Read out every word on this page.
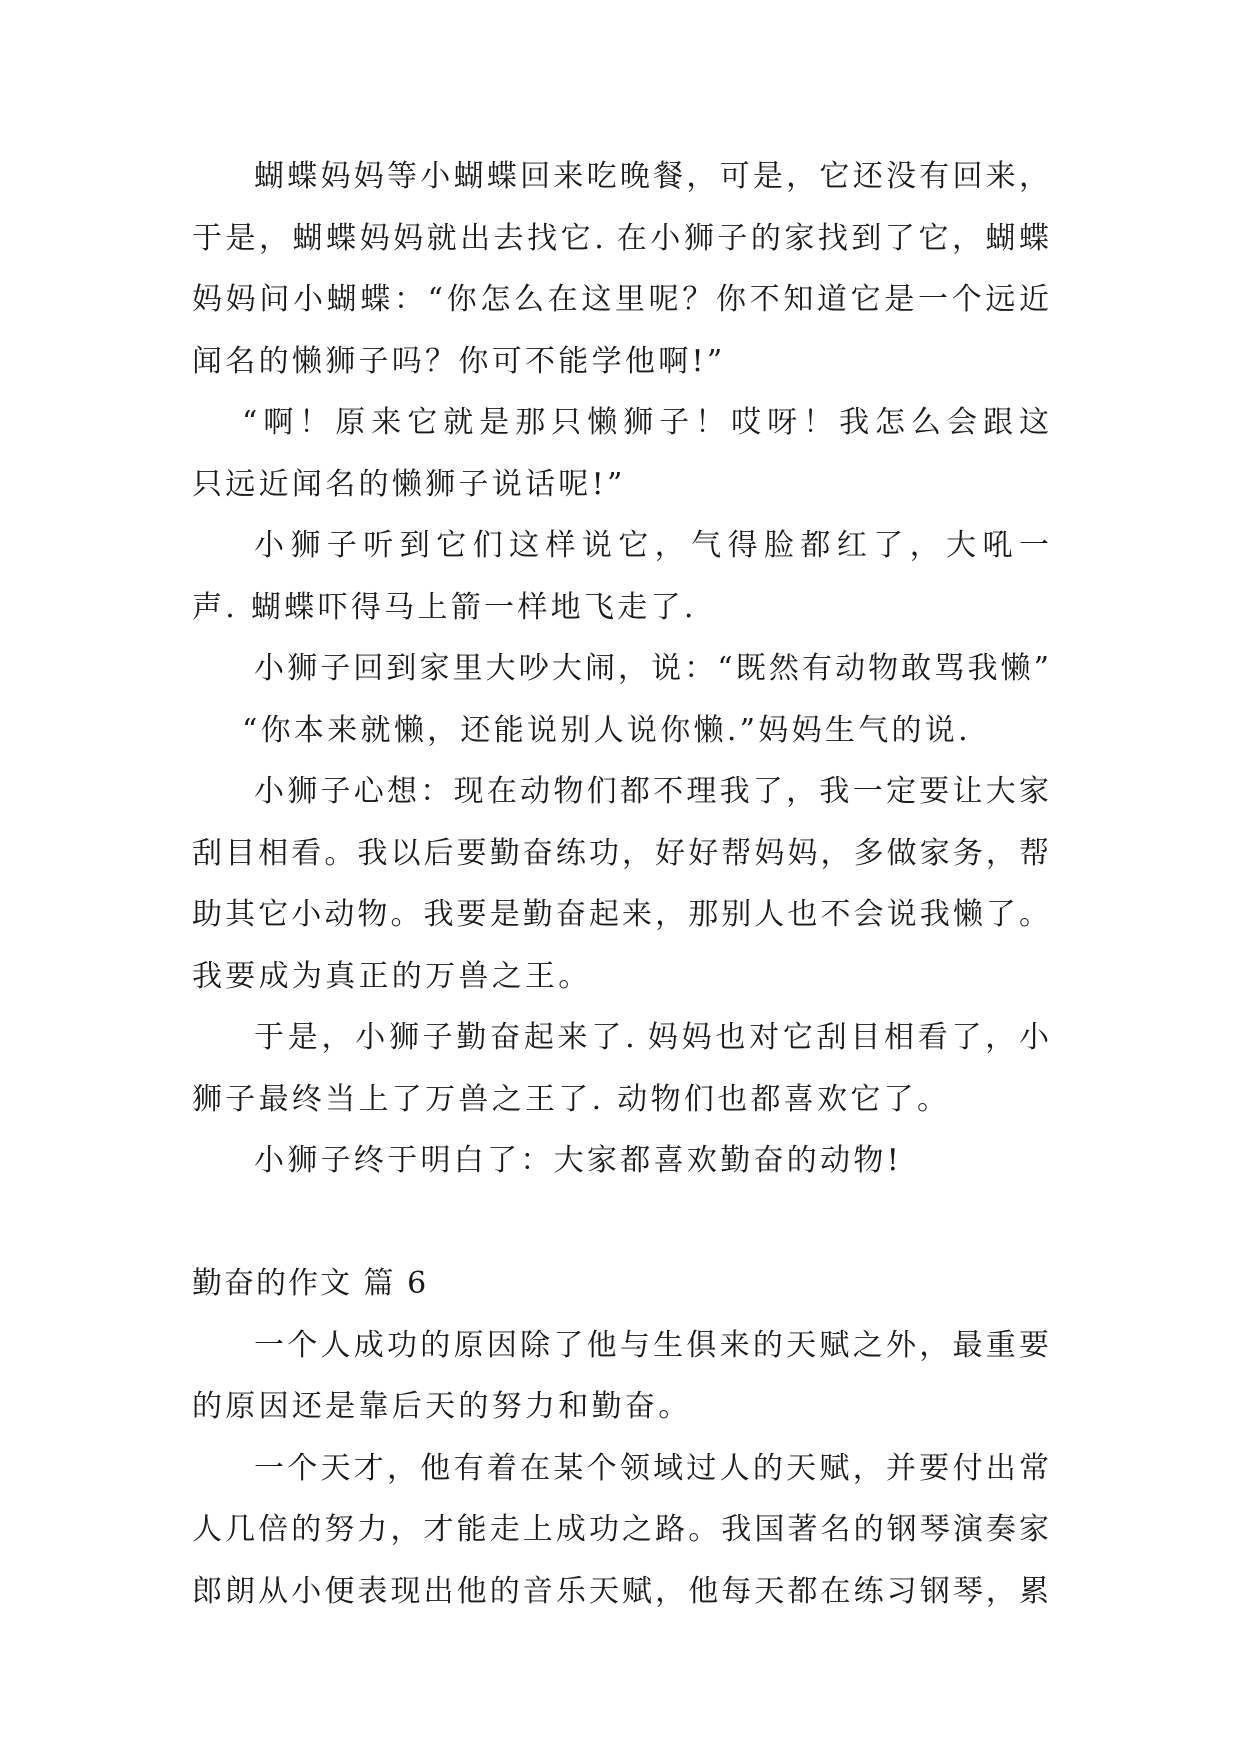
蝴蝶妈妈等小蝴蝶回来吃晚餐，可是，它还没有回来，
于是，蝴蝶妈妈就出去找它. 在小狮子的家找到了它，蝴蝶
妈妈问小蝴蝶：“你怎么在这里呢？你不知道它是一个远近
闻名的懒狮子吗？你可不能学他啊!”
“啊！原来它就是那只懒狮子！哎呀！我怎么会跟这
只远近闻名的懒狮子说话呢!”
小狮子听到它们这样说它，气得脸都红了，大吼一
声. 蝴蝶吓得马上箭一样地飞走了.
小狮子回到家里大吵大闹，说：“既然有动物敢骂我懒”
“你本来就懒，还能说别人说你懒.”妈妈生气的说.
小狮子心想：现在动物们都不理我了，我一定要让大家
刮目相看。我以后要勤奋练功，好好帮妈妈，多做家务，帮
助其它小动物。我要是勤奋起来，那别人也不会说我懒了。
我要成为真正的万兽之王。
于是，小狮子勤奋起来了. 妈妈也对它刮目相看了，小
狮子最终当上了万兽之王了. 动物们也都喜欢它了。
小狮子终于明白了：大家都喜欢勤奋的动物!
勤奋的作文 篇 6
一个人成功的原因除了他与生俱来的天赋之外，最重要
的原因还是靠后天的努力和勤奋。
一个天才，他有着在某个领域过人的天赋，并要付出常
人几倍的努力，才能走上成功之路。我国著名的钢琴演奏家
郎朗从小便表现出他的音乐天赋，他每天都在练习钢琴，累
